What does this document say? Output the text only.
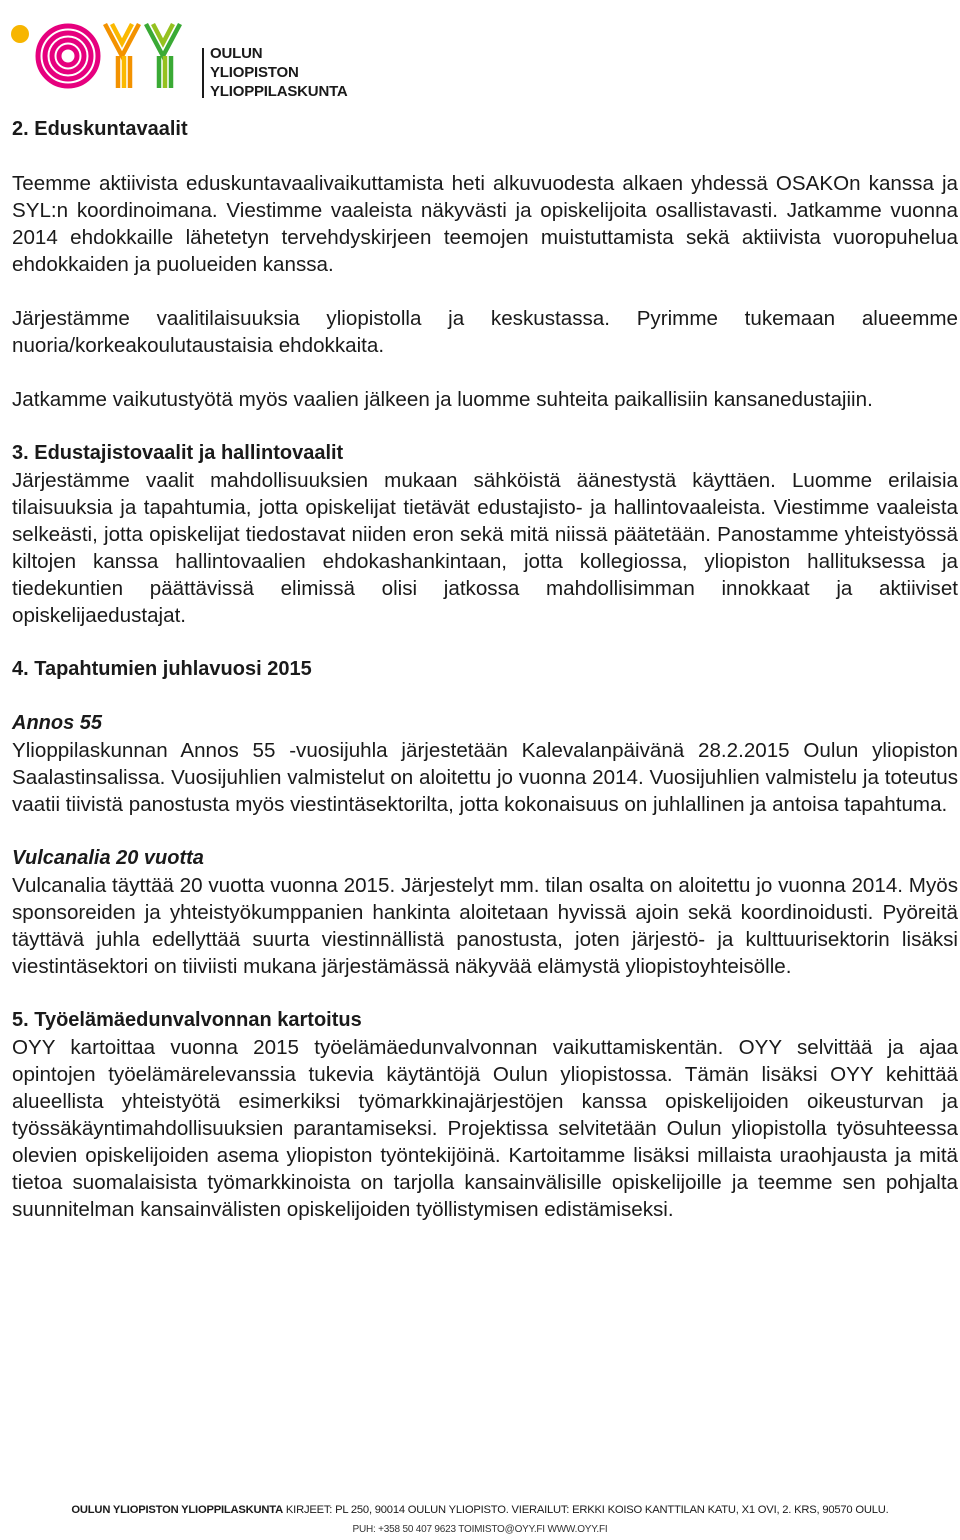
OULUN
YLIOPISTON
YLIOPPILASKUNTA

2. Eduskuntavaalit

Teemme aktiivista eduskuntavaalivaikuttamista heti alkuvuodesta alkaen yhdessä OSAKOn kanssa ja SYL:n koordinoimana. Viestimme vaaleista näkyvästi ja opiskelijoita osallistavasti. Jatkamme vuonna 2014 ehdokkaille lähetetyn tervehdyskirjeen teemojen muistuttamista sekä aktiivista vuoropuhelua ehdokkaiden ja puolueiden kanssa.

Järjestämme vaalitilaisuuksia yliopistolla ja keskustassa. Pyrimme tukemaan alueemme nuoria/korkeakoulutaustaisia ehdokkaita.

Jatkamme vaikutustyötä myös vaalien jälkeen ja luomme suhteita paikallisiin kansanedustajiin.

3. Edustajistovaalit ja hallintovaalit

Järjestämme vaalit mahdollisuuksien mukaan sähköistä äänestystä käyttäen. Luomme erilaisia tilaisuuksia ja tapahtumia, jotta opiskelijat tietävät edustajisto- ja hallintovaaleista. Viestimme vaaleista selkeästi, jotta opiskelijat tiedostavat niiden eron sekä mitä niissä päätetään. Panostamme yhteistyössä kiltojen kanssa hallintovaalien ehdokashankintaan, jotta kollegiossa, yliopiston hallituksessa ja tiedekuntien päättävissä elimissä olisi jatkossa mahdollisimman innokkaat ja aktiiviset opiskelijaedustajat.

4. Tapahtumien juhlavuosi 2015

Annos 55

Ylioppilaskunnan Annos 55 -vuosijuhla järjestetään Kalevalanpäivänä 28.2.2015 Oulun yliopiston Saalastinsalissa. Vuosijuhlien valmistelut on aloitettu jo vuonna 2014. Vuosijuhlien valmistelu ja toteutus vaatii tiivistä panostusta myös viestintäsektorilta, jotta kokonaisuus on juhlallinen ja antoisa tapahtuma.

Vulcanalia 20 vuotta

Vulcanalia täyttää 20 vuotta vuonna 2015. Järjestelyt mm. tilan osalta on aloitettu jo vuonna 2014. Myös sponsoreiden ja yhteistyökumppanien hankinta aloitetaan hyvissä ajoin sekä koordinoidusti. Pyöreitä täyttävä juhla edellyttää suurta viestinnällistä panostusta, joten järjestö- ja kulttuurisektorin lisäksi viestintäsektori on tiiviisti mukana järjestämässä näkyvää elämystä yliopistoyhteisölle.

5. Työelämäedunvalvonnan kartoitus

OYY kartoittaa vuonna 2015 työelämäedunvalvonnan vaikuttamiskentän. OYY selvittää ja ajaa opintojen työelämärelevanssia tukevia käytäntöjä Oulun yliopistossa. Tämän lisäksi OYY kehittää alueellista yhteistyötä esimerkiksi työmarkkinajärjestöjen kanssa opiskelijoiden oikeusturvan ja työssäkäyntimahdollisuuksien parantamiseksi. Projektissa selvitetään Oulun yliopistolla työsuhteessa olevien opiskelijoiden asema yliopiston työntekijöinä. Kartoitamme lisäksi millaista uraohjausta ja mitä tietoa suomalaisista työmarkkinoista on tarjolla kansainvälisille opiskelijoille ja teemme sen pohjalta suunnitelman kansainvälisten opiskelijoiden työllistymisen edistämiseksi.

OULUN YLIOPISTON YLIOPPILASKUNTA KIRJEET: PL 250, 90014 OULUN YLIOPISTO. VIERAILUT: ERKKI KOISO KANTTILAN KATU, X1 OVI, 2. KRS, 90570 OULU.
PUH: +358 50 407 9623 TOIMISTO@OYY.FI WWW.OYY.FI
